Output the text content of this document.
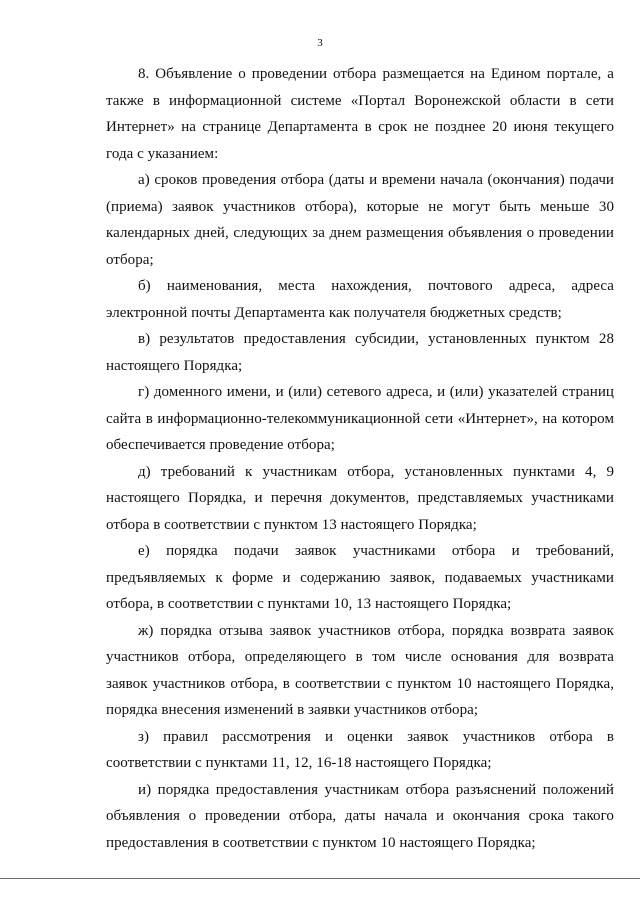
3

8. Объявление о проведении отбора размещается на Едином портале, а также в информационной системе «Портал Воронежской области в сети Интернет» на странице Департамента в срок не позднее 20 июня текущего года с указанием:

а) сроков проведения отбора (даты и времени начала (окончания) подачи (приема) заявок участников отбора), которые не могут быть меньше 30 календарных дней, следующих за днем размещения объявления о проведении отбора;

б) наименования, места нахождения, почтового адреса, адреса электронной почты Департамента как получателя бюджетных средств;

в) результатов предоставления субсидии, установленных пунктом 28 настоящего Порядка;

г) доменного имени, и (или) сетевого адреса, и (или) указателей страниц сайта в информационно-телекоммуникационной сети «Интернет», на котором обеспечивается проведение отбора;

д) требований к участникам отбора, установленных пунктами 4, 9 настоящего Порядка, и перечня документов, представляемых участниками отбора в соответствии с пунктом 13 настоящего Порядка;

е) порядка подачи заявок участниками отбора и требований, предъявляемых к форме и содержанию заявок, подаваемых участниками отбора, в соответствии с пунктами 10, 13 настоящего Порядка;

ж) порядка отзыва заявок участников отбора, порядка возврата заявок участников отбора, определяющего в том числе основания для возврата заявок участников отбора, в соответствии с пунктом 10 настоящего Порядка, порядка внесения изменений в заявки участников отбора;

з) правил рассмотрения и оценки заявок участников отбора в соответствии с пунктами 11, 12, 16-18 настоящего Порядка;

и) порядка предоставления участникам отбора разъяснений положений объявления о проведении отбора, даты начала и окончания срока такого предоставления в соответствии с пунктом 10 настоящего Порядка;
